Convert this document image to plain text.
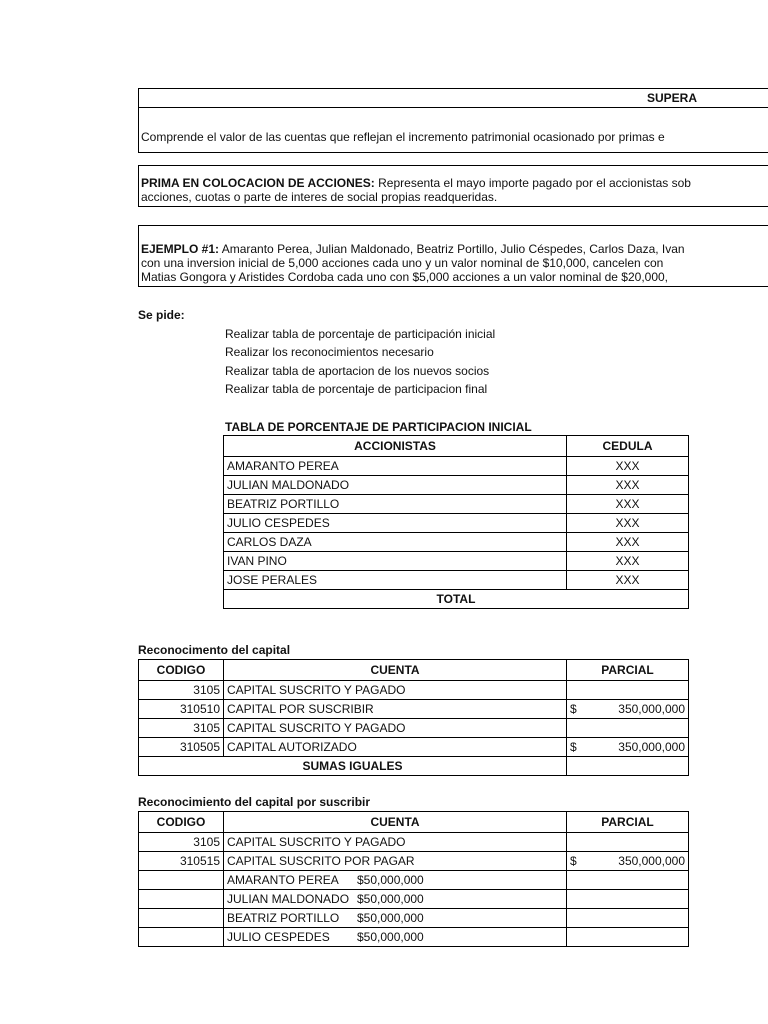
SUPERA
Comprende el valor de las cuentas que reflejan el incremento patrimonial ocasionado por primas e
PRIMA EN COLOCACION DE ACCIONES: Representa el mayo importe pagado por el accionistas sob
acciones, cuotas o parte de interes de social propias readqueridas.
EJEMPLO #1: Amaranto Perea, Julian Maldonado, Beatriz Portillo, Julio Céspedes, Carlos Daza, Ivan
con una inversion inicial de 5,000 acciones cada uno y un valor nominal de $10,000, cancelen con
Matias Gongora y Aristides Cordoba cada uno con $5,000 acciones a un valor nominal de $20,000,
Se pide:
Realizar tabla de porcentaje de participación inicial
Realizar los reconocimientos necesario
Realizar tabla de aportacion de los nuevos socios
Realizar tabla de porcentaje de participacion final
TABLA DE PORCENTAJE DE PARTICIPACION INICIAL
ACCIONISTAS	CEDULA
AMARANTO PEREA	XXX
JULIAN MALDONADO	XXX
BEATRIZ PORTILLO	XXX
JULIO CESPEDES	XXX
CARLOS DAZA	XXX
IVAN PINO	XXX
JOSE PERALES	XXX
TOTAL	
Reconocimento del capital
CODIGO	CUENTA	PARCIAL
3105	CAPITAL SUSCRITO Y PAGADO	

310510	CAPITAL POR SUSCRIBIR	$ 350,000,000

3105	CAPITAL SUSCRITO Y PAGADO	

310505	CAPITAL AUTORIZADO	$ 350,000,000

SUMAS IGUALES		
Reconocimiento del capital por suscribir
CODIGO	CUENTA	PARCIAL
3105	CAPITAL SUSCRITO Y PAGADO	

310515	CAPITAL SUSCRITO POR PAGAR	$ 350,000,000

	AMARANTO PEREA $50,000,000	
	JULIAN MALDONADO $50,000,000	
	BEATRIZ PORTILLO $50,000,000	
	JULIO CESPEDES $50,000,000	
